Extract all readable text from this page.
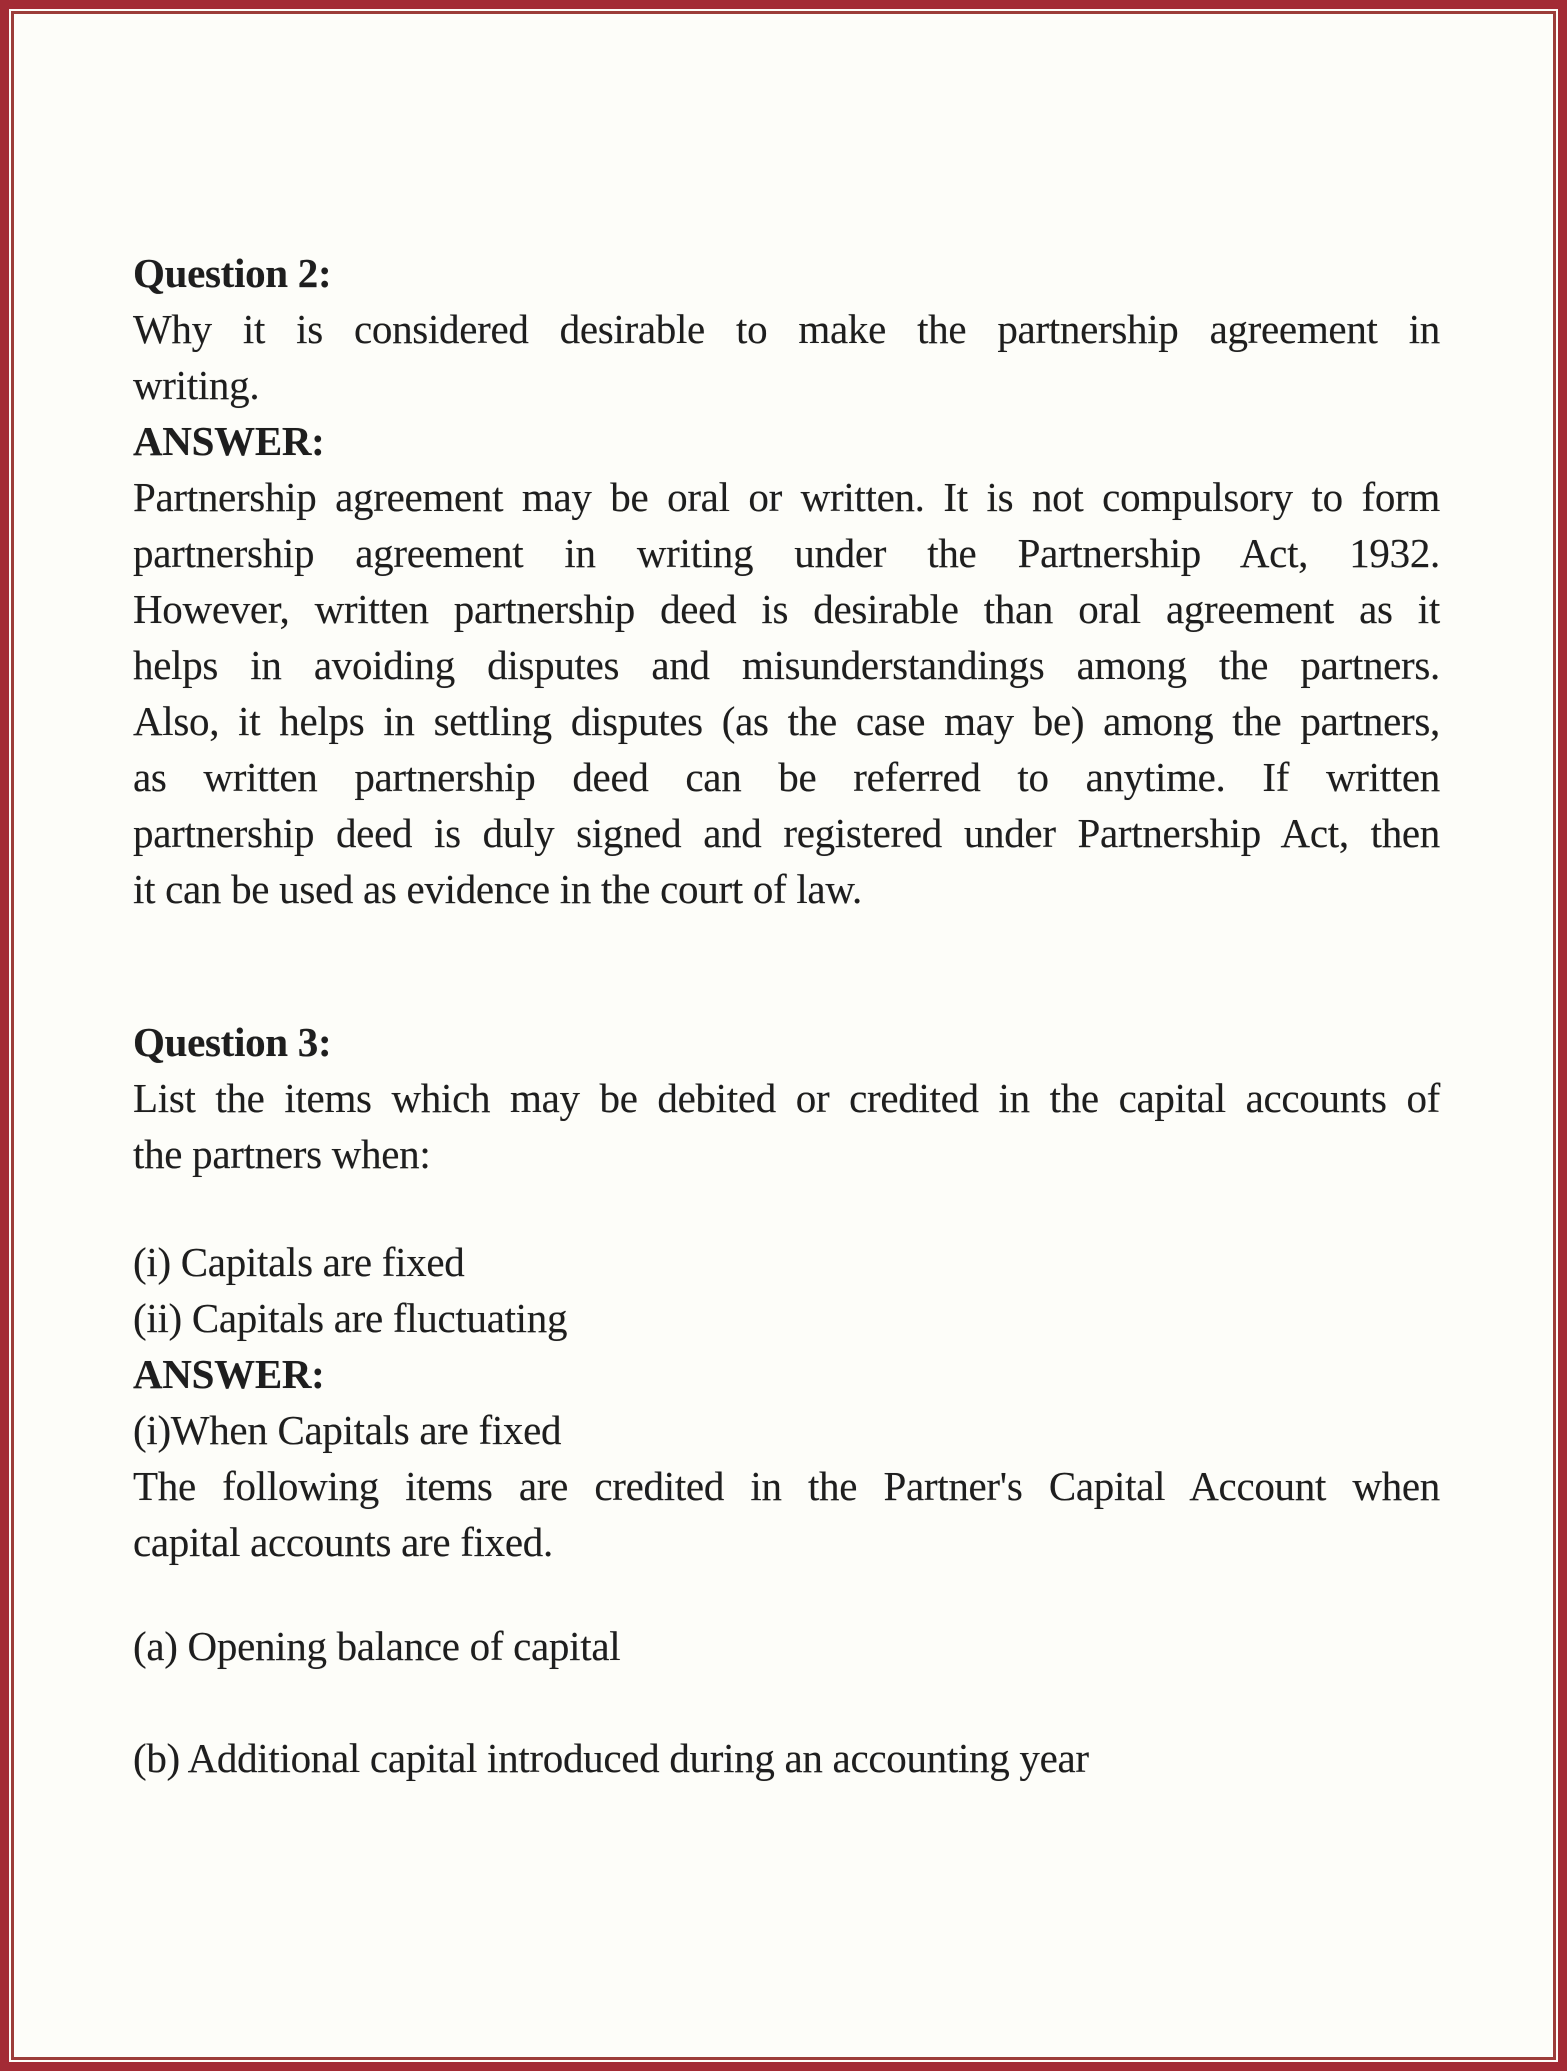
Question 2:
Why it is considered desirable to make the partnership agreement in
writing.
ANSWER:
Partnership agreement may be oral or written. It is not compulsory to form
partnership agreement in writing under the Partnership Act, 1932.
However, written partnership deed is desirable than oral agreement as it
helps in avoiding disputes and misunderstandings among the partners.
Also, it helps in settling disputes (as the case may be) among the partners,
as written partnership deed can be referred to anytime. If written
partnership deed is duly signed and registered under Partnership Act, then
it can be used as evidence in the court of law.
Question 3:
List the items which may be debited or credited in the capital accounts of
the partners when:
(i) Capitals are fixed
(ii) Capitals are fluctuating
ANSWER:
(i)When Capitals are fixed
The following items are credited in the Partner's Capital Account when
capital accounts are fixed.
(a) Opening balance of capital
(b) Additional capital introduced during an accounting year
